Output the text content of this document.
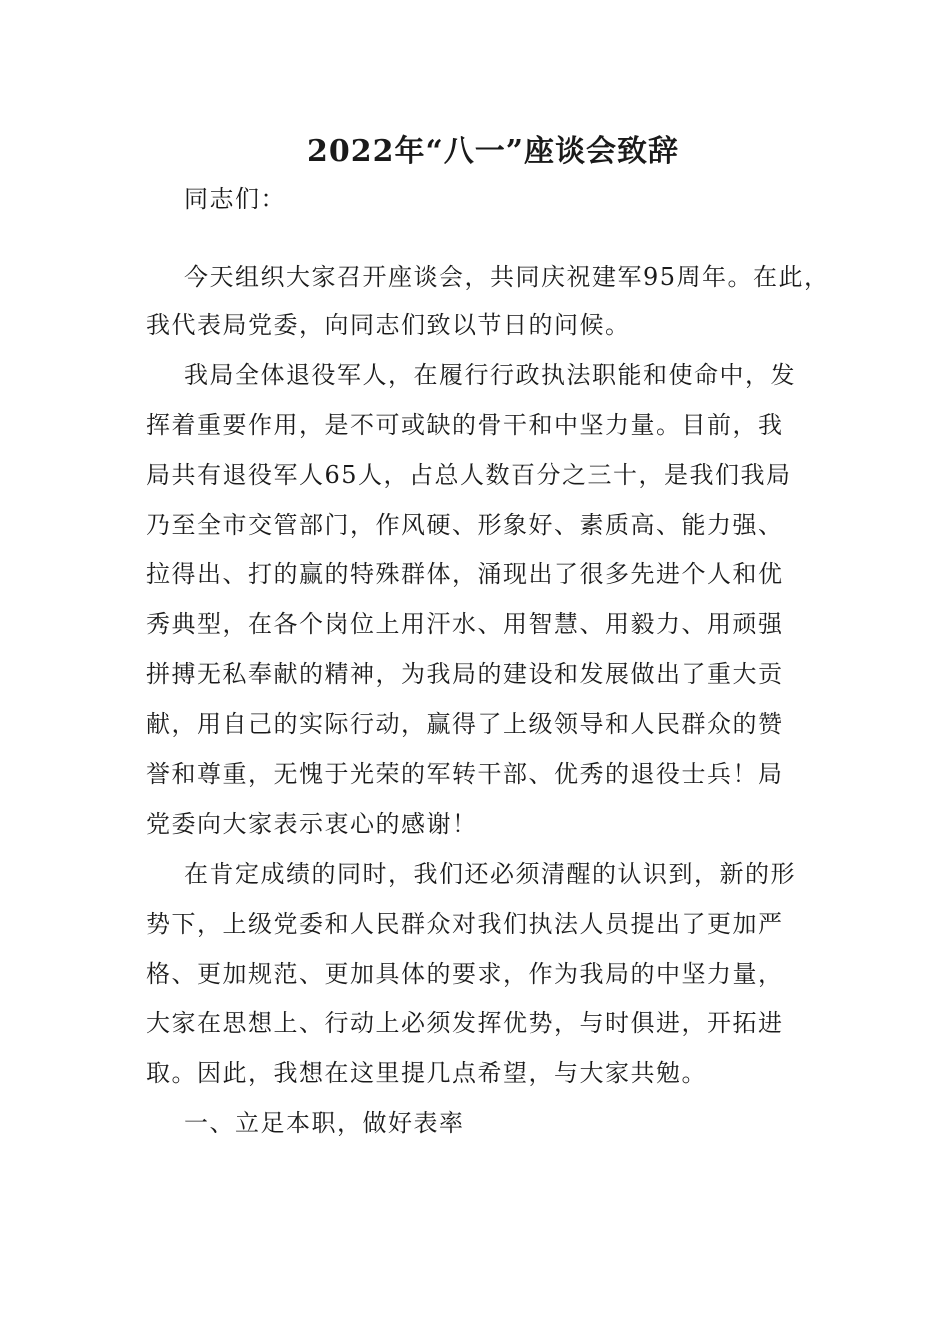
2022年“八一”座谈会致辞
同志们：
今天组织大家召开座谈会，共同庆祝建军95周年。在此，
我代表局党委，向同志们致以节日的问候。
我局全体退役军人，在履行行政执法职能和使命中，发
挥着重要作用，是不可或缺的骨干和中坚力量。目前，我
局共有退役军人65人，占总人数百分之三十，是我们我局
乃至全市交管部门，作风硬、形象好、素质高、能力强、
拉得出、打的赢的特殊群体，涌现出了很多先进个人和优
秀典型，在各个岗位上用汗水、用智慧、用毅力、用顽强
拼搏无私奉献的精神，为我局的建设和发展做出了重大贡
献，用自己的实际行动，赢得了上级领导和人民群众的赞
誉和尊重，无愧于光荣的军转干部、优秀的退役士兵！局
党委向大家表示衷心的感谢！
在肯定成绩的同时，我们还必须清醒的认识到，新的形
势下，上级党委和人民群众对我们执法人员提出了更加严
格、更加规范、更加具体的要求，作为我局的中坚力量，
大家在思想上、行动上必须发挥优势，与时俱进，开拓进
取。因此，我想在这里提几点希望，与大家共勉。
一、立足本职，做好表率
